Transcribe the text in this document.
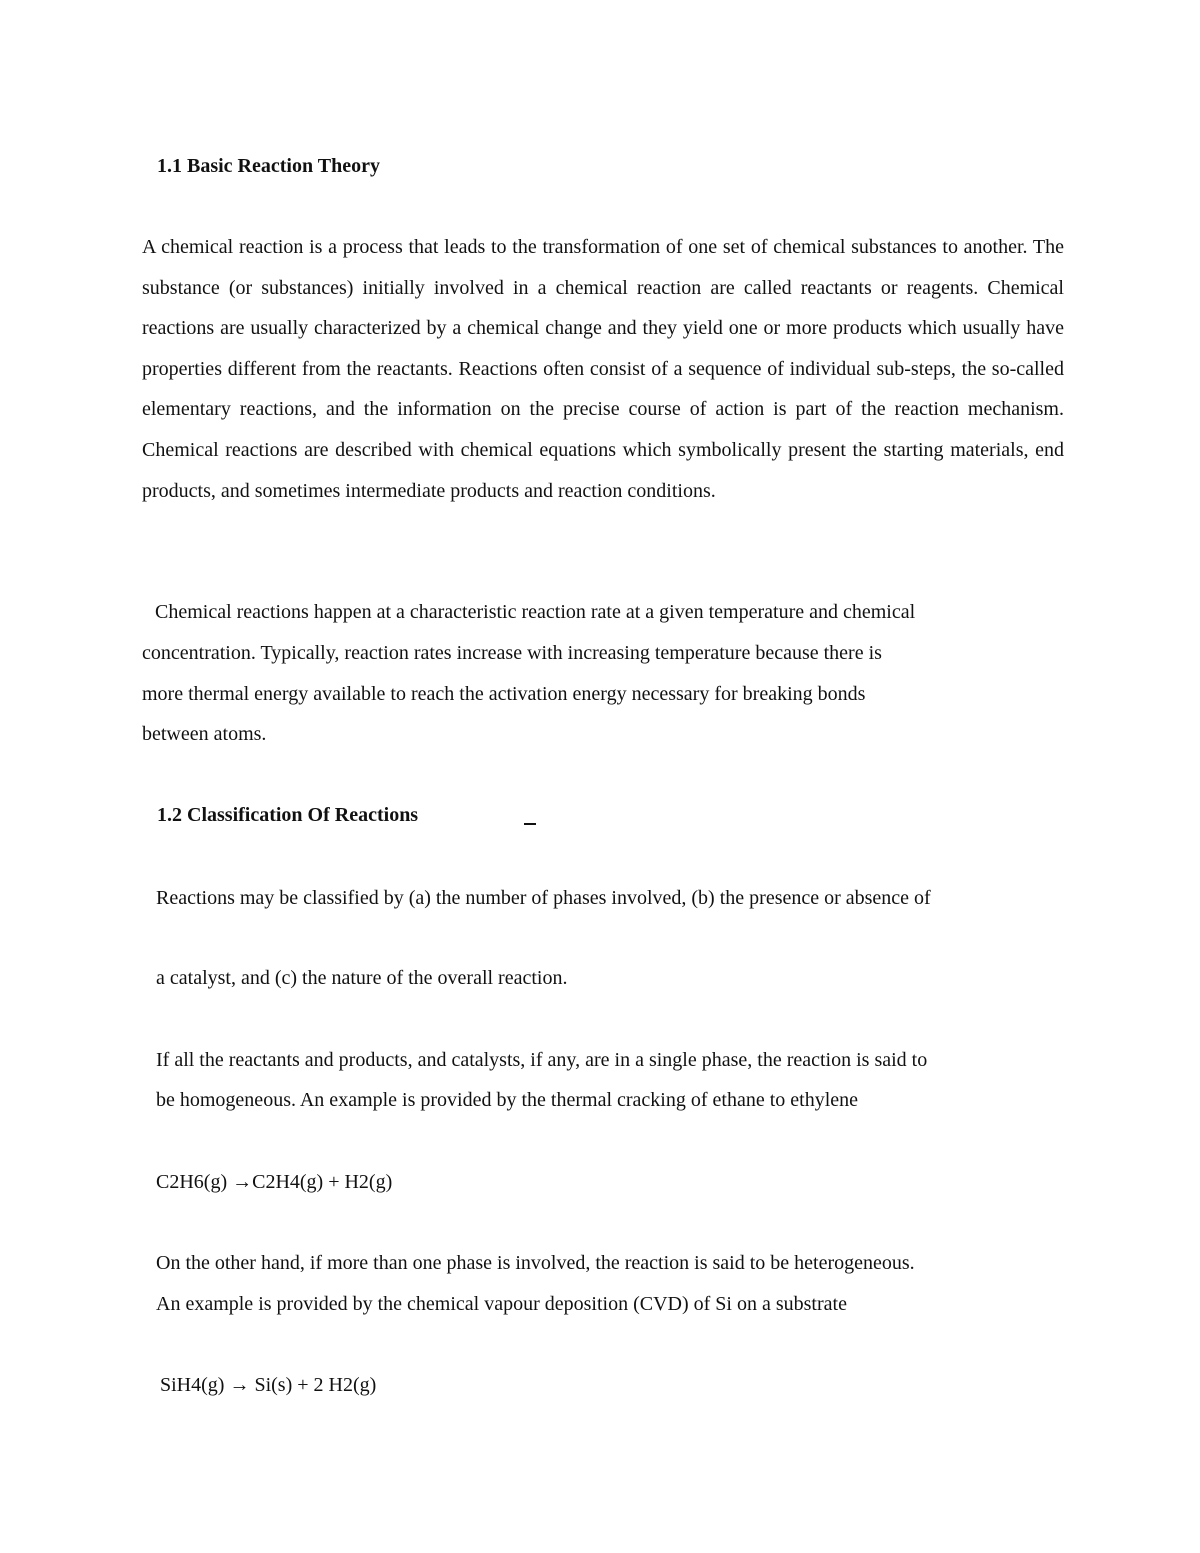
1.1 Basic Reaction Theory

A chemical reaction is a process that leads to the transformation of one set of chemical substances to another. The substance (or substances) initially involved in a chemical reaction are called reactants or reagents. Chemical reactions are usually characterized by a chemical change and they yield one or more products which usually have properties different from the reactants. Reactions often consist of a sequence of individual sub-steps, the so-called elementary reactions, and the information on the precise course of action is part of the reaction mechanism. Chemical reactions are described with chemical equations which symbolically present the starting materials, end products, and sometimes intermediate products and reaction conditions.

Chemical reactions happen at a characteristic reaction rate at a given temperature and chemical
concentration. Typically, reaction rates increase with increasing temperature because there is
more thermal energy available to reach the activation energy necessary for breaking bonds
between atoms.
1.2 Classification Of Reactions
Reactions may be classified by (a) the number of phases involved, (b) the presence or absence of
a catalyst, and (c) the nature of the overall reaction.
If all the reactants and products, and catalysts, if any, are in a single phase, the reaction is said to
be homogeneous. An example is provided by the thermal cracking of ethane to ethylene
C2H6(g) →C2H4(g) + H2(g)
On the other hand, if more than one phase is involved, the reaction is said to be heterogeneous.
An example is provided by the chemical vapour deposition (CVD) of Si on a substrate
SiH4(g) → Si(s) + 2 H2(g)
